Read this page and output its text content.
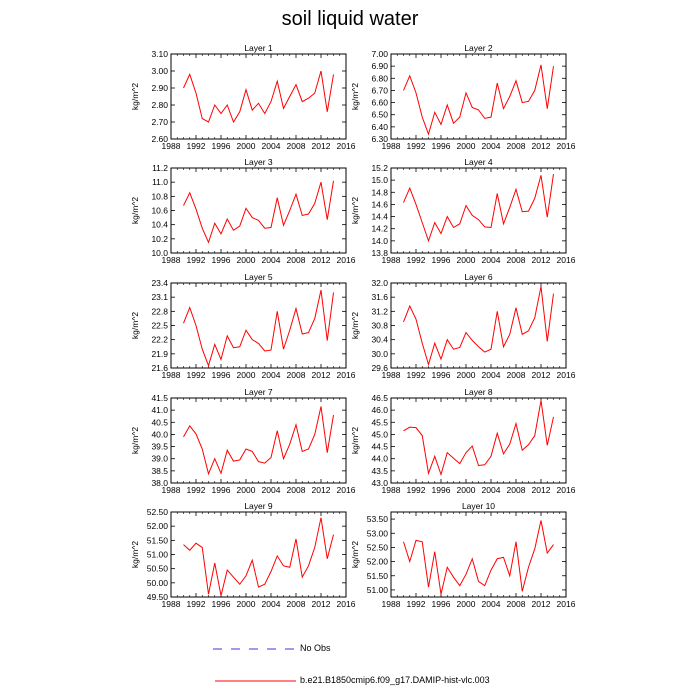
soil liquid water
Layer 1
kg/m^2
1988 1992 1996 2000 2004 2008 2012 2016
2.60
2.70
2.80
2.90
3.00
3.10
Layer 2
kg/m^2
1988 1992 1996 2000 2004 2008 2012 2016
6.30
6.40
6.50
6.60
6.70
6.80
6.90
7.00
Layer 3
kg/m^2
1988 1992 1996 2000 2004 2008 2012 2016
10.0
10.2
10.4
10.6
10.8
11.0
11.2
Layer 4
kg/m^2
1988 1992 1996 2000 2004 2008 2012 2016
13.8
14.0
14.2
14.4
14.6
14.8
15.0
15.2
Layer 5
kg/m^2
1988 1992 1996 2000 2004 2008 2012 2016
21.6
21.9
22.2
22.5
22.8
23.1
23.4
Layer 6
kg/m^2
1988 1992 1996 2000 2004 2008 2012 2016
29.6
30.0
30.4
30.8
31.2
31.6
32.0
Layer 7
kg/m^2
1988 1992 1996 2000 2004 2008 2012 2016
38.0
38.5
39.0
39.5
40.0
40.5
41.0
41.5
Layer 8
kg/m^2
1988 1992 1996 2000 2004 2008 2012 2016
43.0
43.5
44.0
44.5
45.0
45.5
46.0
46.5
Layer 9
kg/m^2
1988 1992 1996 2000 2004 2008 2012 2016
49.50
50.00
50.50
51.00
51.50
52.00
52.50
Layer 10
kg/m^2
1988 1992 1996 2000 2004 2008 2012 2016
51.00
51.50
52.00
52.50
53.00
53.50
No Obs
b.e21.B1850cmip6.f09_g17.DAMIP-hist-vlc.003
